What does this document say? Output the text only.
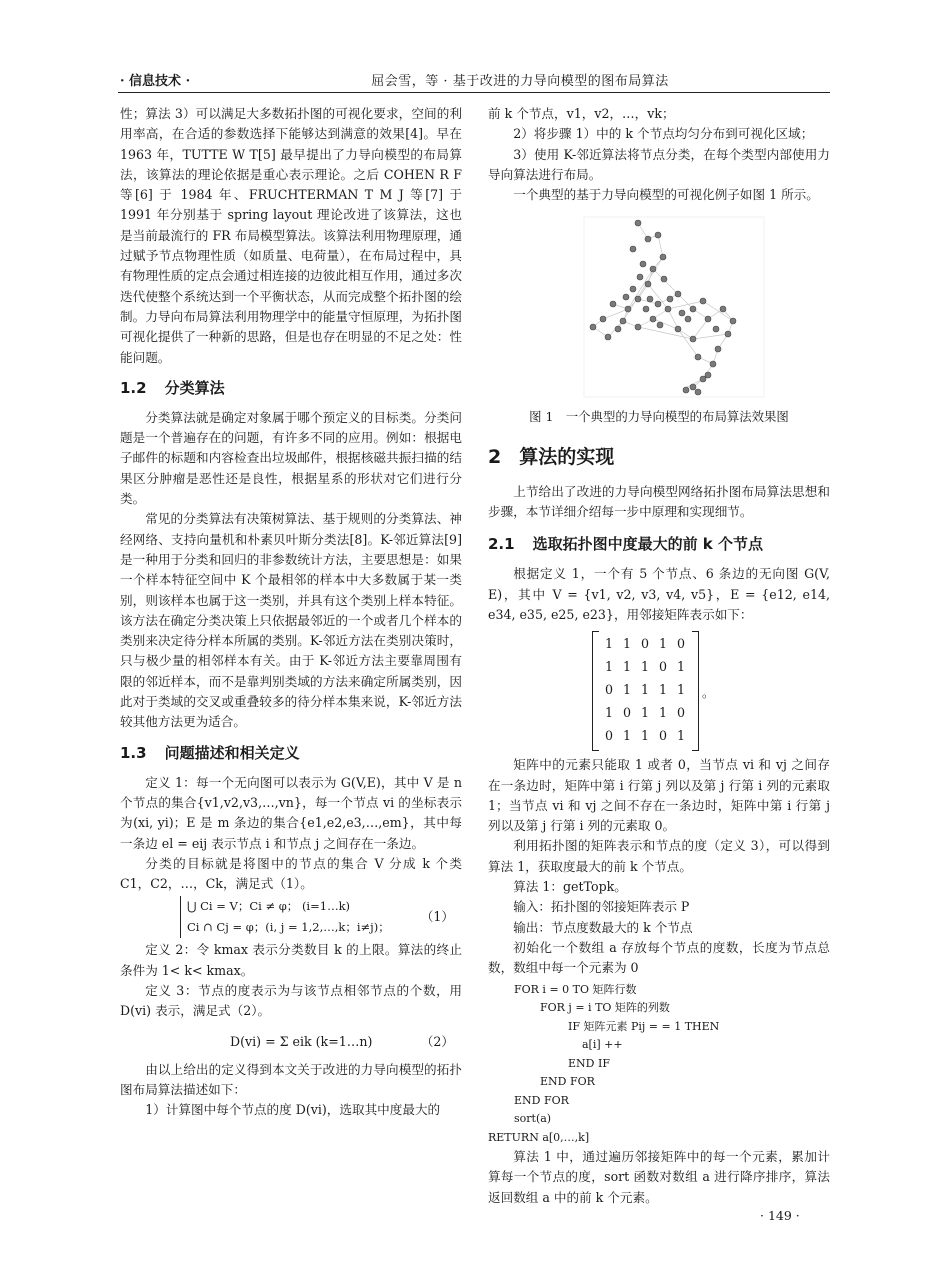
· 信息技术 ·	屈会雪，等 · 基于改进的力导向模型的图布局算法

性；算法 3）可以满足大多数拓扑图的可视化要求，空间的利用率高，在合适的参数选择下能够达到满意的效果[4]。早在 1963 年，TUTTE W T[5] 最早提出了力导向模型的布局算法，该算法的理论依据是重心表示理论。之后 COHEN R F 等[6] 于 1984 年、FRUCHTERMAN T M J 等[7] 于 1991 年分别基于 spring layout 理论改进了该算法，这也是当前最流行的 FR 布局模型算法。该算法利用物理原理，通过赋予节点物理性质（如质量、电荷量），在布局过程中，具有物理性质的定点会通过相连接的边彼此相互作用，通过多次迭代使整个系统达到一个平衡状态，从而完成整个拓扑图的绘制。力导向布局算法利用物理学中的能量守恒原理，为拓扑图可视化提供了一种新的思路，但是也存在明显的不足之处：性能问题。

1.2 分类算法

分类算法就是确定对象属于哪个预定义的目标类。分类问题是一个普遍存在的问题，有许多不同的应用。例如：根据电子邮件的标题和内容检查出垃圾邮件，根据核磁共振扫描的结果区分肿瘤是恶性还是良性，根据星系的形状对它们进行分类。

常见的分类算法有决策树算法、基于规则的分类算法、神经网络、支持向量机和朴素贝叶斯分类法[8]。K-邻近算法[9] 是一种用于分类和回归的非参数统计方法，主要思想是：如果一个样本特征空间中 K 个最相邻的样本中大多数属于某一类别，则该样本也属于这一类别，并具有这个类别上样本特征。该方法在确定分类决策上只依据最邻近的一个或者几个样本的类别来决定待分样本所属的类别。K-邻近方法在类别决策时，只与极少量的相邻样本有关。由于 K-邻近方法主要靠周围有限的邻近样本，而不是靠判别类域的方法来确定所属类别，因此对于类域的交叉或重叠较多的待分样本集来说，K-邻近方法较其他方法更为适合。

1.3 问题描述和相关定义

定义 1：每一个无向图可以表示为 G(V,E)，其中 V 是 n 个节点的集合{v1,v2,v3,…,vn}，每一个节点 vi 的坐标表示为(xi, yi)；E 是 m 条边的集合{e1,e2,e3,…,em}，其中每一条边 el = eij 表示节点 i 和节点 j 之间存在一条边。

分类的目标就是将图中的节点的集合 V 分成 k 个类 C1，C2，…，Ck，满足式（1）。

⋃ Ci = V；Ci ≠ φ； (i=1…k)
Ci ∩ Cj = φ；(i, j = 1,2,…,k；i≠j)；
（1）

定义 2：令 kmax 表示分类数目 k 的上限。算法的终止条件为 1< k< kmax。

定义 3：节点的度表示为与该节点相邻节点的个数，用 D(vi) 表示，满足式（2）。

D(vi) = Σ eik (k=1…n)	（2）

由以上给出的定义得到本文关于改进的力导向模型的拓扑图布局算法描述如下：

1）计算图中每个节点的度 D(vi)，选取其中度最大的

前 k 个节点，v1，v2，…，vk；

2）将步骤 1）中的 k 个节点均匀分布到可视化区域；

3）使用 K-邻近算法将节点分类，在每个类型内部使用力导向算法进行布局。

一个典型的基于力导向模型的可视化例子如图 1 所示。

图 1　一个典型的力导向模型的布局算法效果图
2 算法的实现

上节给出了改进的力导向模型网络拓扑图布局算法思想和步骤，本节详细介绍每一步中原理和实现细节。

2.1 选取拓扑图中度最大的前 k 个节点

根据定义 1，一个有 5 个节点、6 条边的无向图 G(V, E)，其中 V = {v1, v2, v3, v4, v5}，E = {e12, e14, e34, e35, e25, e23}，用邻接矩阵表示如下：

1	1	0	1	0
1	1	1	0	1
0	1	1	1	1
1	0	1	1	0
0	1	1	0	1
。

矩阵中的元素只能取 1 或者 0，当节点 vi 和 vj 之间存在一条边时，矩阵中第 i 行第 j 列以及第 j 行第 i 列的元素取 1；当节点 vi 和 vj 之间不存在一条边时，矩阵中第 i 行第 j 列以及第 j 行第 i 列的元素取 0。

利用拓扑图的矩阵表示和节点的度（定义 3），可以得到算法 1，获取度最大的前 k 个节点。

算法 1：getTopk。

输入：拓扑图的邻接矩阵表示 P

输出：节点度数最大的 k 个节点

初始化一个数组 a 存放每个节点的度数，长度为节点总数，数组中每一个元素为 0

FOR i = 0 TO 矩阵行数
FOR j = i TO 矩阵的列数
IF 矩阵元素 Pij = = 1 THEN
a[i] ++
END IF
END FOR
END FOR
sort(a)
RETURN a[0,…,k]

算法 1 中，通过遍历邻接矩阵中的每一个元素，累加计算每一个节点的度，sort 函数对数组 a 进行降序排序，算法返回数组 a 中的前 k 个元素。

· 149 ·
